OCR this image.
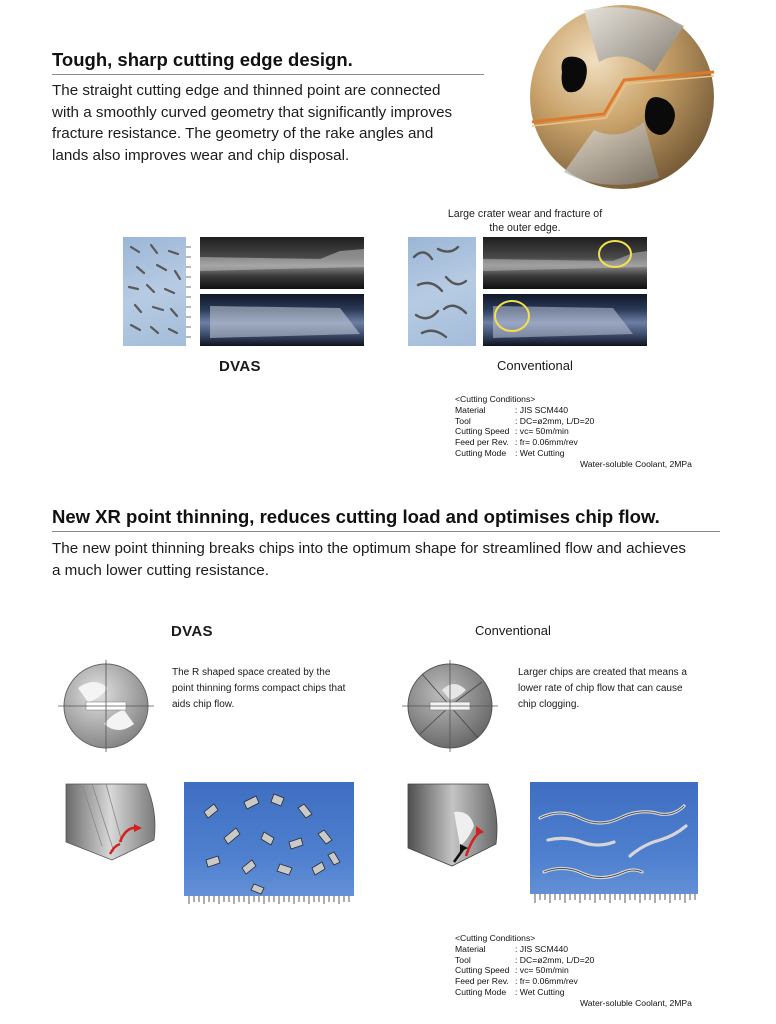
Tough, sharp cutting edge design.
The straight cutting edge and thinned point are connected
with a smoothly curved geometry that significantly improves
fracture resistance. The geometry of the rake angles and
lands also improves wear and chip disposal.
Large crater wear and fracture of
the outer edge.
DVAS	Conventional
<Cutting Conditions>
Material	: JIS SCM440
Tool	: DC=ø2mm, L/D=20
Cutting Speed : vc= 50m/min
Feed per Rev. : fr= 0.06mm/rev
Cutting Mode	: Wet Cutting
Water-soluble Coolant, 2MPa
New XR point thinning, reduces cutting load and optimises chip flow.
The new point thinning breaks chips into the optimum shape for streamlined flow and achieves
a much lower cutting resistance.
DVAS	Conventional
The R shaped space created by the
point thinning forms compact chips that
aids chip flow.
Larger chips are created that means a
lower rate of chip flow that can cause
chip clogging.
<Cutting Conditions>
Material	: JIS SCM440
Tool	: DC=ø2mm, L/D=20
Cutting Speed : vc= 50m/min
Feed per Rev. : fr= 0.06mm/rev
Cutting Mode	: Wet Cutting
Water-soluble Coolant, 2MPa
